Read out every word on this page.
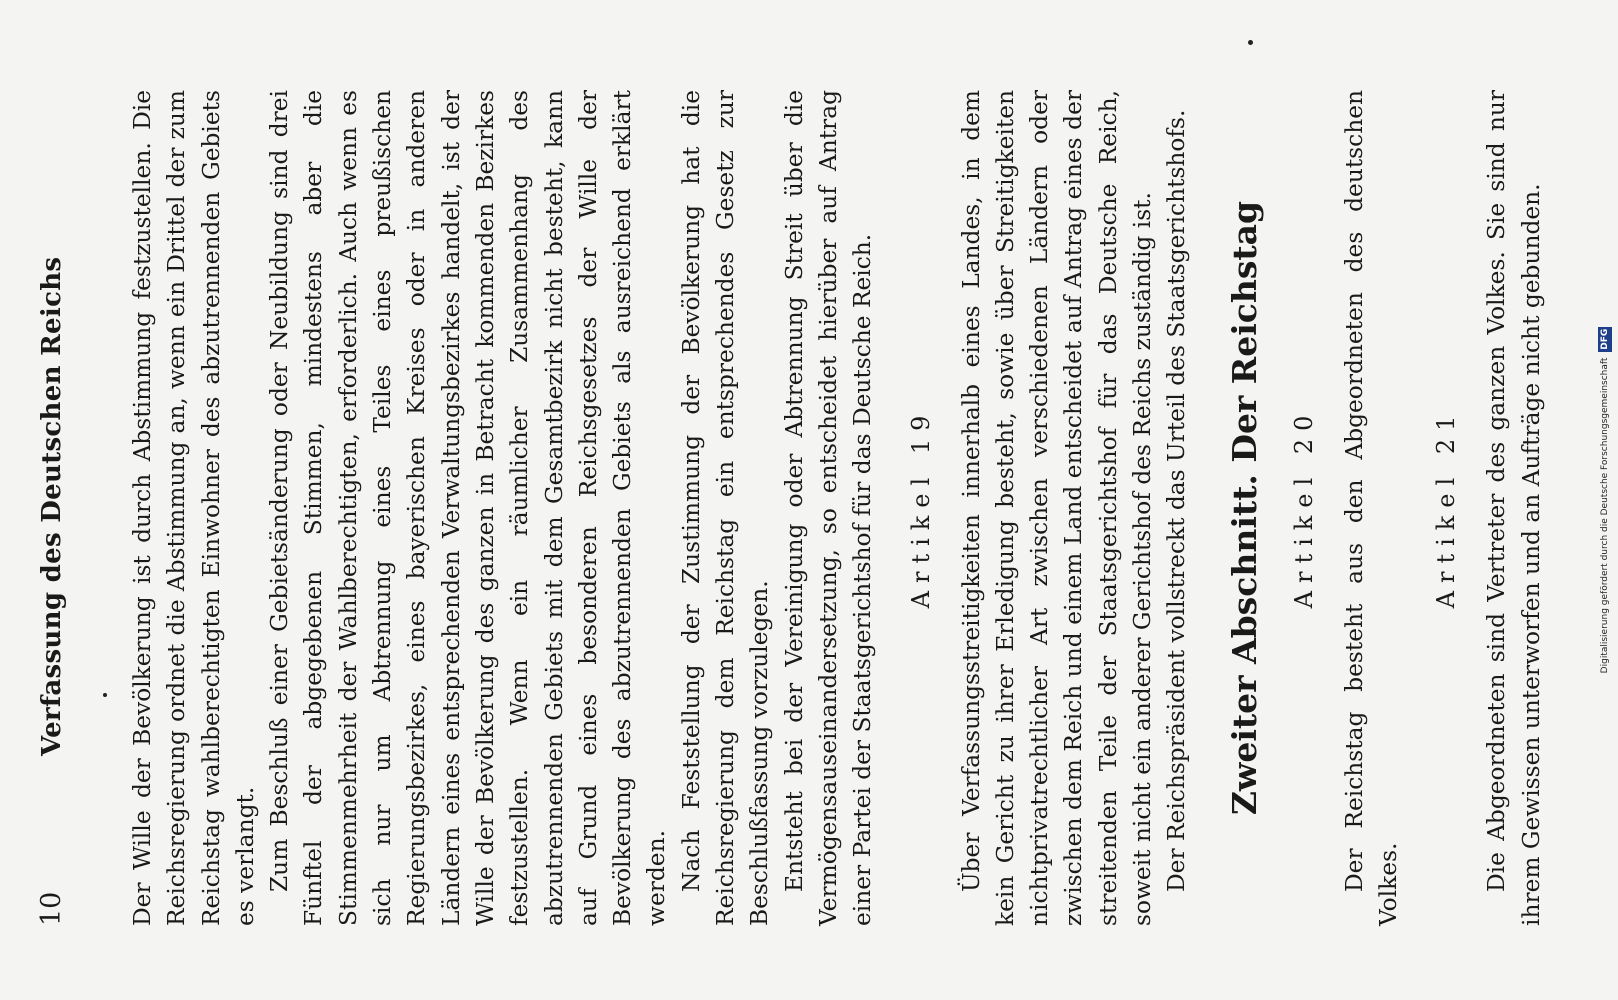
10
Verfassung des Deutschen Reichs	Der Wille der Bevölkerung ist durch Abstimmung festzustellen. Die Reichsregierung ordnet die Abstimmung an, wenn ein Drittel der zum Reichstag wahlberechtigten Einwohner des abzutrennenden Gebiets es verlangt. Zum Beschluß einer Gebietsänderung oder Neubildung sind drei Fünftel der abgegebenen Stimmen, mindestens aber die Stimmenmehrheit der Wahlberechtigten, erforderlich. Auch wenn es sich nur um Abtrennung eines Teiles eines preußischen Regierungsbezirkes, eines bayerischen Kreises oder in anderen Ländern eines entsprechenden Verwaltungsbezirkes handelt, ist der Wille der Bevölkerung des ganzen in Betracht kommenden Bezirkes festzustellen. Wenn ein räumlicher Zusammenhang des abzutrennenden Gebiets mit dem Gesamtbezirk nicht besteht, kann auf Grund eines besonderen Reichsgesetzes der Wille der Bevölkerung des abzutrennenden Gebiets als ausreichend erklärt werden. Nach Feststellung der Zustimmung der Bevölkerung hat die Reichsregierung dem Reichstag ein entsprechendes Gesetz zur Beschlußfassung vorzulegen. Entsteht bei der Vereinigung oder Abtrennung Streit über die Vermögensauseinandersetzung, so entscheidet hierüber auf Antrag einer Partei der Staatsgerichtshof für das Deutsche Reich. Artikel 19 Über Verfassungsstreitigkeiten innerhalb eines Landes, in dem kein Gericht zu ihrer Erledigung besteht, sowie über Streitigkeiten nichtprivatrechtlicher Art zwischen verschiedenen Ländern oder zwischen dem Reich und einem Land entscheidet auf Antrag eines der streitenden Teile der Staatsgerichtshof für das Deutsche Reich, soweit nicht ein anderer Gerichtshof des Reichs zuständig ist. Der Reichspräsident vollstreckt das Urteil des Staatsgerichtshofs. Zweiter Abschnitt. Der Reichstag Artikel 20 Der Reichstag besteht aus den Abgeordneten des deutschen Volkes.

Artikel 21 Die Abgeordneten sind Vertreter des ganzen Volkes. Sie sind nur ihrem Gewissen unterworfen und an Aufträge nicht gebunden.	Digitalisierung gefördert durch die Deutsche Forschungsgemeinschaft DFG
